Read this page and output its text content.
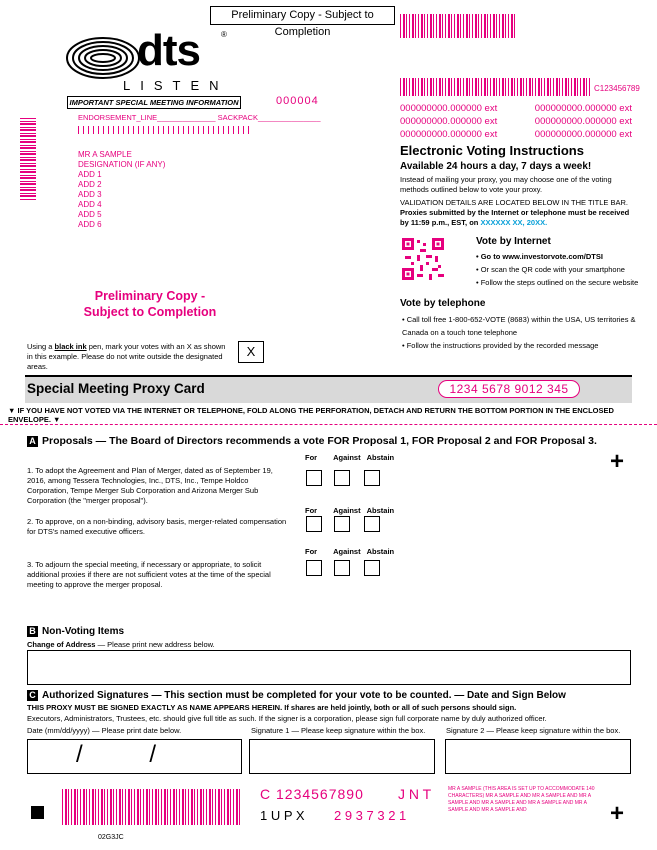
Preliminary Copy - Subject to Completion
dts	®
LISTEN
IMPORTANT SPECIAL MEETING INFORMATION	000004
ENDORSEMENT_LINE______________ SACKPACK_______________
MR A SAMPLE
DESIGNATION (IF ANY)
ADD 1
ADD 2
ADD 3
ADD 4
ADD 5
ADD 6
C123456789
000000000.000000 ext	000000000.000000 ext
000000000.000000 ext	000000000.000000 ext
000000000.000000 ext	000000000.000000 ext
Electronic Voting Instructions
Available 24 hours a day, 7 days a week!
Instead of mailing your proxy, you may choose one of the voting methods outlined below to vote your proxy.
VALIDATION DETAILS ARE LOCATED BELOW IN THE TITLE BAR.
Proxies submitted by the Internet or telephone must be received by 11:59 p.m., EST, on XXXXXX XX, 20XX.
Vote by Internet
• Go to www.investorvote.com/DTSI
• Or scan the QR code with your smartphone
• Follow the steps outlined on the secure website
Vote by telephone
• Call toll free 1-800-652-VOTE (8683) within the USA, US territories & Canada on a touch tone telephone
• Follow the instructions provided by the recorded message
Preliminary Copy -
Subject to Completion
Using a black ink pen, mark your votes with an X as shown in this example. Please do not write outside the designated areas.
X
Special Meeting Proxy Card	1234 5678 9012 345
▼ IF YOU HAVE NOT VOTED VIA THE INTERNET OR TELEPHONE, FOLD ALONG THE PERFORATION, DETACH AND RETURN THE BOTTOM PORTION IN THE ENCLOSED ENVELOPE. ▼
A Proposals — The Board of Directors recommends a vote FOR Proposal 1, FOR Proposal 2 and FOR Proposal 3.
+
For Against Abstain
1. To adopt the Agreement and Plan of Merger, dated as of September 19, 2016, among Tessera Technologies, Inc., DTS, Inc., Tempe Holdco Corporation, Tempe Merger Sub Corporation and Arizona Merger Sub Corporation (the "merger proposal").
For Against Abstain
2. To approve, on a non-binding, advisory basis, merger-related compensation for DTS's named executive officers.
For Against Abstain
3. To adjourn the special meeting, if necessary or appropriate, to solicit additional proxies if there are not sufficient votes at the time of the special meeting to approve the merger proposal.
B Non-Voting Items
Change of Address — Please print new address below.
C Authorized Signatures — This section must be completed for your vote to be counted. — Date and Sign Below
THIS PROXY MUST BE SIGNED EXACTLY AS NAME APPEARS HEREIN. If shares are held jointly, both or all of such persons should sign.
Executors, Administrators, Trustees, etc. should give full title as such. If the signer is a corporation, please sign full corporate name by duly authorized officer.
Date (mm/dd/yyyy) — Please print date below.	Signature 1 — Please keep signature within the box.	Signature 2 — Please keep signature within the box.
/          /
C 1234567890 J N T
1 U P X 2 9 3 7 3 2 1
MR A SAMPLE (THIS AREA IS SET UP TO ACCOMMODATE 140 CHARACTERS) MR A SAMPLE AND MR A SAMPLE AND MR A SAMPLE AND MR A SAMPLE AND MR A SAMPLE AND MR A SAMPLE AND MR A SAMPLE AND	+
02G3JC
